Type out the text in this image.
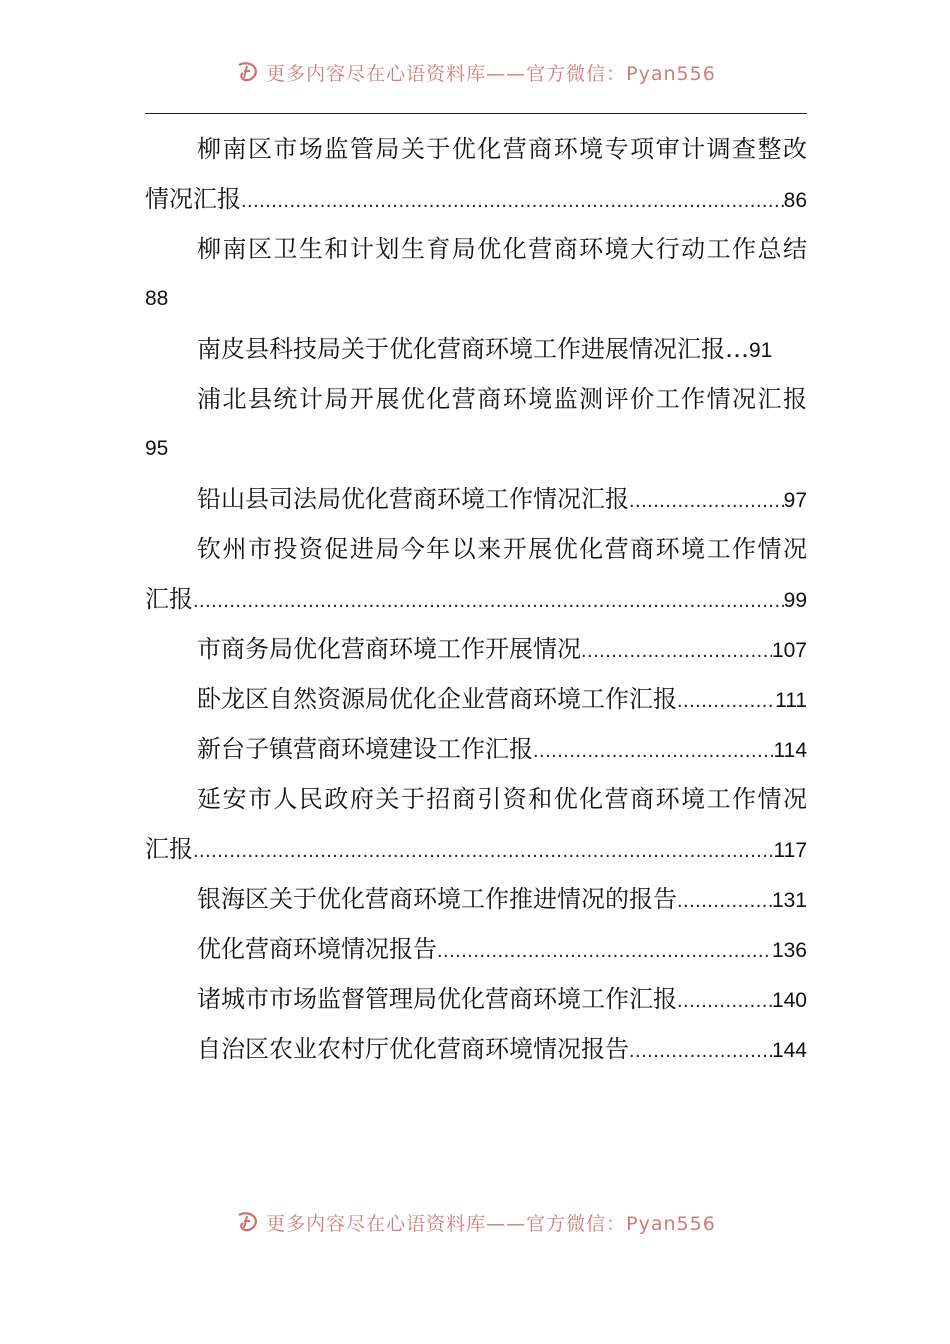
更多内容尽在心语资料库——官方微信：Pyan556
柳南区市场监管局关于优化营商环境专项审计调查整改
情况汇报 .....	86
柳南区卫生和计划生育局优化营商环境大行动工作总结
88
南皮县科技局关于优化营商环境工作进展情况汇报… 91
浦北县统计局开展优化营商环境监测评价工作情况汇报
95
铅山县司法局优化营商环境工作情况汇报 .....	97
钦州市投资促进局今年以来开展优化营商环境工作情况
汇报 .....	99
市商务局优化营商环境工作开展情况 .....	107
卧龙区自然资源局优化企业营商环境工作汇报 .....	111
新台子镇营商环境建设工作汇报 .....	114
延安市人民政府关于招商引资和优化营商环境工作情况
汇报 .....	117
银海区关于优化营商环境工作推进情况的报告 .....	131
优化营商环境情况报告 .....	136
诸城市市场监督管理局优化营商环境工作汇报 .....	140
自治区农业农村厅优化营商环境情况报告 .....	144
更多内容尽在心语资料库——官方微信：Pyan556
